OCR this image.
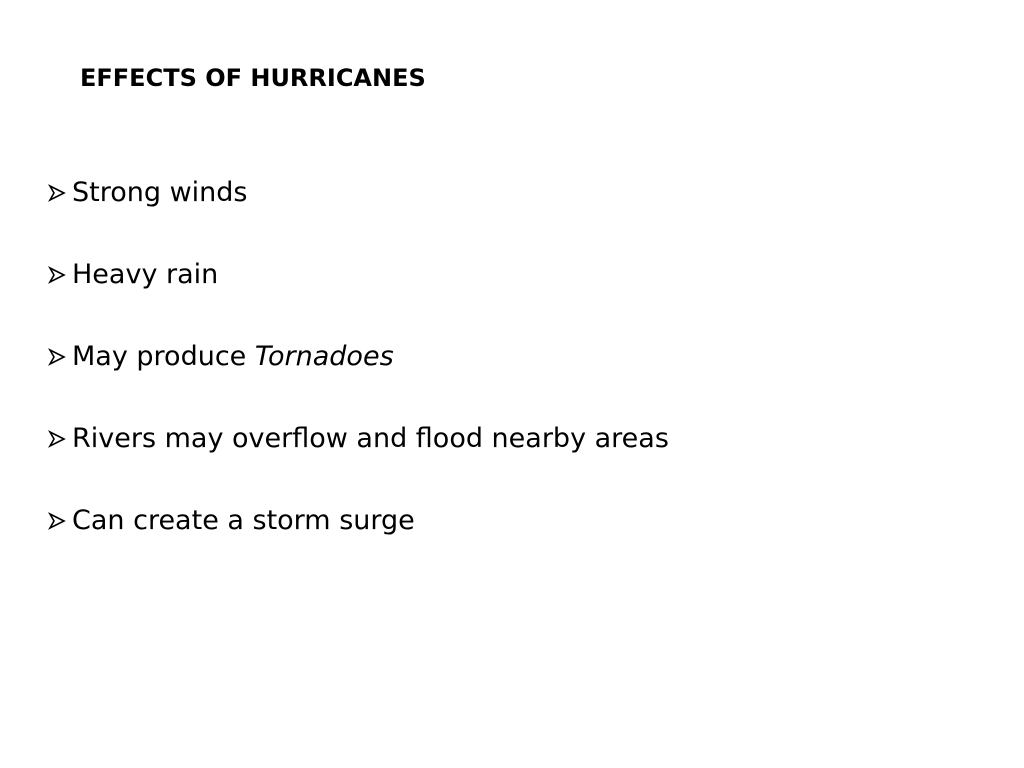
EFFECTS OF HURRICANES
Strong winds
Heavy rain
May produce Tornadoes
Rivers may overflow and flood nearby areas
Can create a storm surge
